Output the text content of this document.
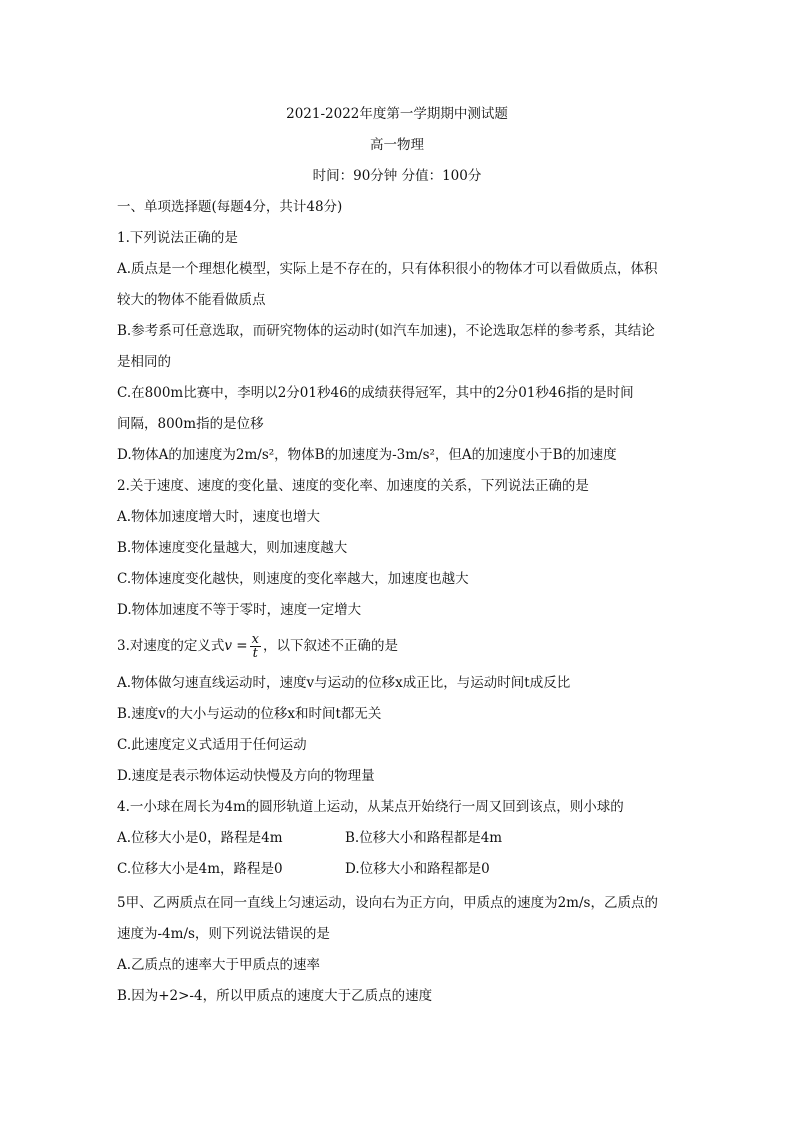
2021-2022年度第一学期期中测试题
高一物理
时间：90分钟 分值：100分
一、单项选择题(每题4分，共计48分)
1.下列说法正确的是
A.质点是一个理想化模型，实际上是不存在的，只有体积很小的物体才可以看做质点，体积
较大的物体不能看做质点
B.参考系可任意选取，而研究物体的运动时(如汽车加速)，不论选取怎样的参考系，其结论
是相同的
C.在800m比赛中，李明以2分01秒46的成绩获得冠军，其中的2分01秒46指的是时间
间隔，800m指的是位移
D.物体A的加速度为2m/s²，物体B的加速度为-3m/s²，但A的加速度小于B的加速度
2.关于速度、速度的变化量、速度的变化率、加速度的关系，下列说法正确的是
A.物体加速度增大时，速度也增大
B.物体速度变化量越大，则加速度越大
C.物体速度变化越快，则速度的变化率越大，加速度也越大
D.物体加速度不等于零时，速度一定增大
3.对速度的定义式$v = \frac{x}{t}$ ，以下叙述不正确的是
A.物体做匀速直线运动时，速度v与运动的位移x成正比，与运动时间t成反比
B.速度v的大小与运动的位移x和时间t都无关
C.此速度定义式适用于任何运动
D.速度是表示物体运动快慢及方向的物理量
4.一小球在周长为4m的圆形轨道上运动，从某点开始绕行一周又回到该点，则小球的
A.位移大小是0，路程是4m	B.位移大小和路程都是4m
C.位移大小是4m，路程是0	D.位移大小和路程都是0
5甲、乙两质点在同一直线上匀速运动，设向右为正方向，甲质点的速度为2m/s，乙质点的
速度为-4m/s，则下列说法错误的是
A.乙质点的速率大于甲质点的速率
B.因为+2>-4，所以甲质点的速度大于乙质点的速度
